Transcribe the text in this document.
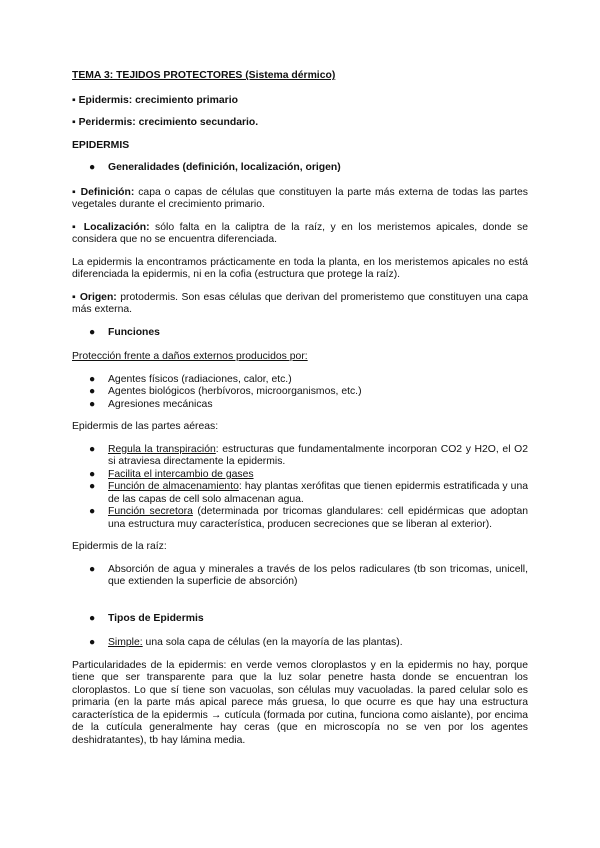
TEMA 3: TEJIDOS PROTECTORES (Sistema dérmico)

▪ Epidermis: crecimiento primario

▪ Peridermis: crecimiento secundario.

EPIDERMIS

● Generalidades (definición, localización, origen)

▪ Definición: capa o capas de células que constituyen la parte más externa de todas las partes vegetales durante el crecimiento primario.

▪ Localización: sólo falta en la caliptra de la raíz, y en los meristemos apicales, donde se considera que no se encuentra diferenciada.

La epidermis la encontramos prácticamente en toda la planta, en los meristemos apicales no está diferenciada la epidermis, ni en la cofia (estructura que protege la raíz).

▪ Origen: protodermis. Son esas células que derivan del promeristemo que constituyen una capa más externa.

● Funciones

Protección frente a daños externos producidos por:

● Agentes físicos (radiaciones, calor, etc.)
● Agentes biológicos (herbívoros, microorganismos, etc.)
● Agresiones mecánicas

Epidermis de las partes aéreas:

● Regula la transpiración: estructuras que fundamentalmente incorporan CO2 y H2O, el O2 si atraviesa directamente la epidermis.
● Facilita el intercambio de gases
● Función de almacenamiento: hay plantas xerófitas que tienen epidermis estratificada y una de las capas de cell solo almacenan agua.
● Función secretora (determinada por tricomas glandulares: cell epidérmicas que adoptan una estructura muy característica, producen secreciones que se liberan al exterior).

Epidermis de la raíz:

● Absorción de agua y minerales a través de los pelos radiculares (tb son tricomas, unicell, que extienden la superficie de absorción)
● Tipos de Epidermis
● Simple: una sola capa de células (en la mayoría de las plantas).

Particularidades de la epidermis: en verde vemos cloroplastos y en la epidermis no hay, porque tiene que ser transparente para que la luz solar penetre hasta donde se encuentran los cloroplastos. Lo que sí tiene son vacuolas, son células muy vacuoladas. la pared celular solo es primaria (en la parte más apical parece más gruesa, lo que ocurre es que hay una estructura característica de la epidermis → cutícula (formada por cutina, funciona como aislante), por encima de la cutícula generalmente hay ceras (que en microscopía no se ven por los agentes deshidratantes), tb hay lámina media.
